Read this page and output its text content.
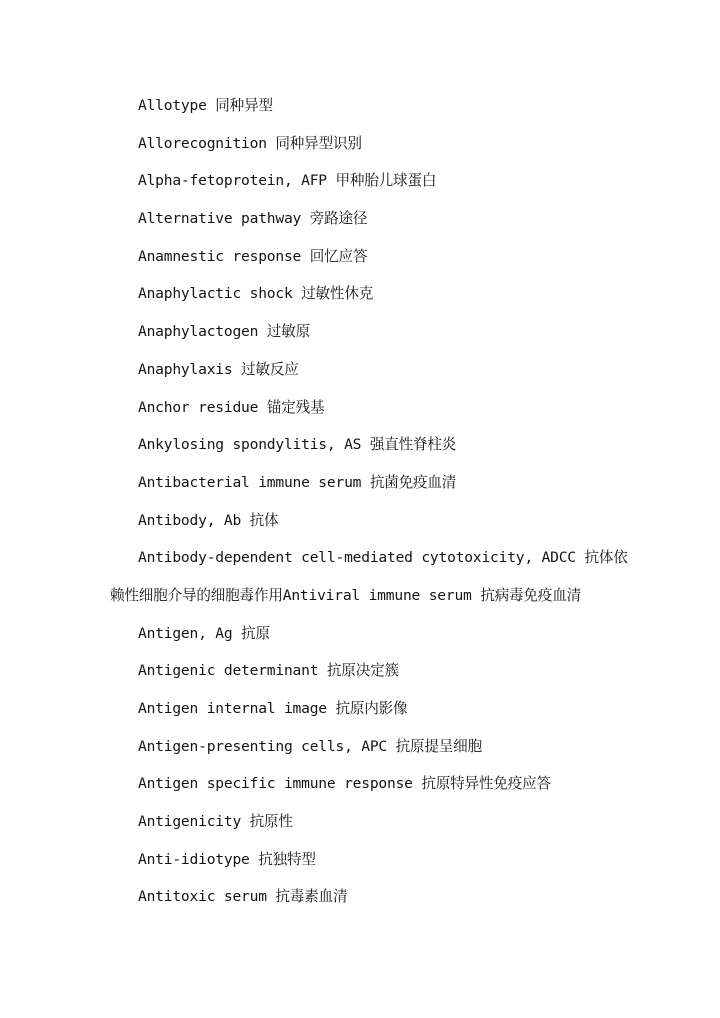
Allotype 同种异型
Allorecognition 同种异型识别
Alpha-fetoprotein, AFP 甲种胎儿球蛋白
Alternative pathway 旁路途径
Anamnestic response 回忆应答
Anaphylactic shock 过敏性休克
Anaphylactogen 过敏原
Anaphylaxis 过敏反应
Anchor residue 锚定残基
Ankylosing spondylitis, AS 强直性脊柱炎
Antibacterial immune serum 抗菌免疫血清
Antibody, Ab 抗体
Antibody-dependent cell-mediated cytotoxicity, ADCC 抗体依
赖性细胞介导的细胞毒作用Antiviral immune serum 抗病毒免疫血清
Antigen, Ag 抗原
Antigenic determinant 抗原决定簇
Antigen internal image 抗原内影像
Antigen-presenting cells, APC 抗原提呈细胞
Antigen specific immune response 抗原特异性免疫应答
Antigenicity 抗原性
Anti-idiotype 抗独特型
Antitoxic serum 抗毒素血清
